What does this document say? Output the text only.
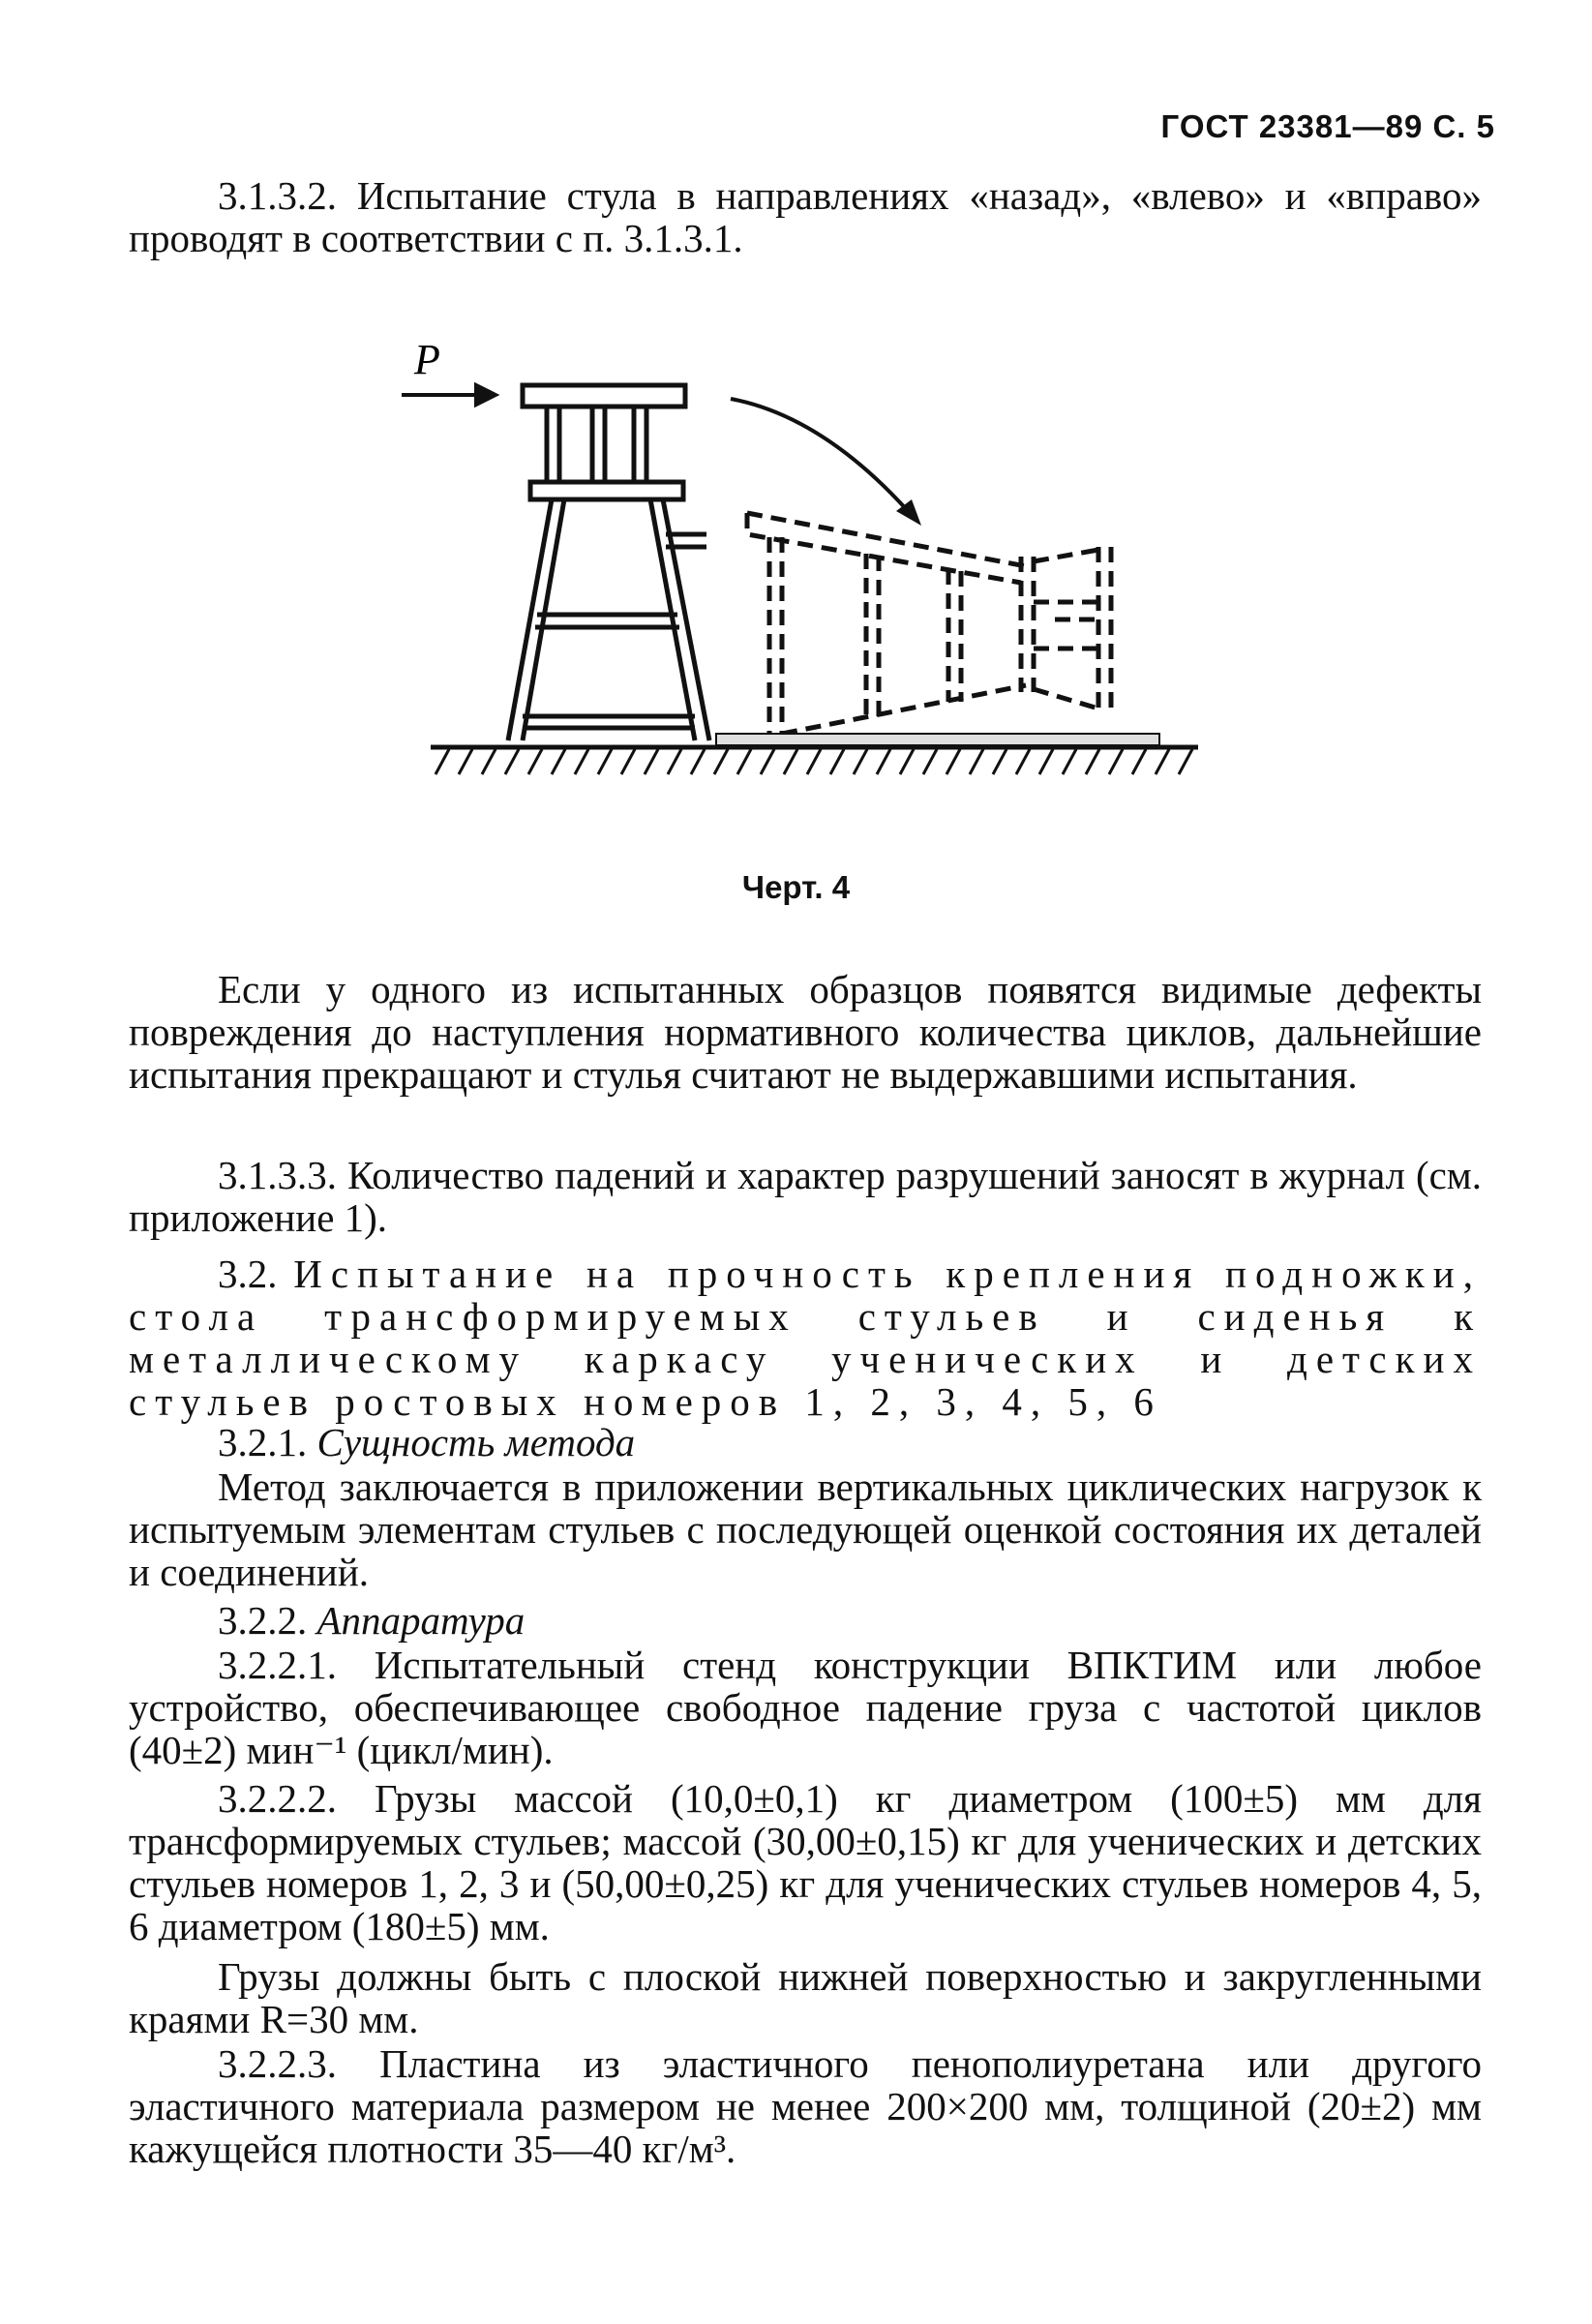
ГОСТ 23381—89 С. 5

3.1.3.2. Испытание стула в направлениях «назад», «влево» и «вправо» проводят в соответствии с п. 3.1.3.1.

P
Черт. 4

Если у одного из испытанных образцов появятся видимые дефекты повреждения до наступления нормативного количества циклов, дальнейшие испытания прекращают и стулья считают не выдержавшими испытания.

3.1.3.3. Количество падений и характер разрушений заносят в журнал (см. приложение 1).

3.2. Испытание на прочность крепления подножки, стола трансформируемых стульев и сиденья к металлическому каркасу ученических и детских стульев ростовых номеров 1, 2, 3, 4, 5, 6

3.2.1. Сущность метода

Метод заключается в приложении вертикальных циклических нагрузок к испытуемым элементам стульев с последующей оценкой состояния их деталей и соединений.

3.2.2. Аппаратура

3.2.2.1. Испытательный стенд конструкции ВПКТИМ или любое устройство, обеспечивающее свободное падение груза с частотой циклов (40±2) мин⁻¹ (цикл/мин).

3.2.2.2. Грузы массой (10,0±0,1) кг диаметром (100±5) мм для трансформируемых стульев; массой (30,00±0,15) кг для ученических и детских стульев номеров 1, 2, 3 и (50,00±0,25) кг для ученических стульев номеров 4, 5, 6 диаметром (180±5) мм.

Грузы должны быть с плоской нижней поверхностью и закругленными краями R=30 мм.

3.2.2.3. Пластина из эластичного пенополиуретана или другого эластичного материала размером не менее 200×200 мм, толщиной (20±2) мм кажущейся плотности 35—40 кг/м³.
